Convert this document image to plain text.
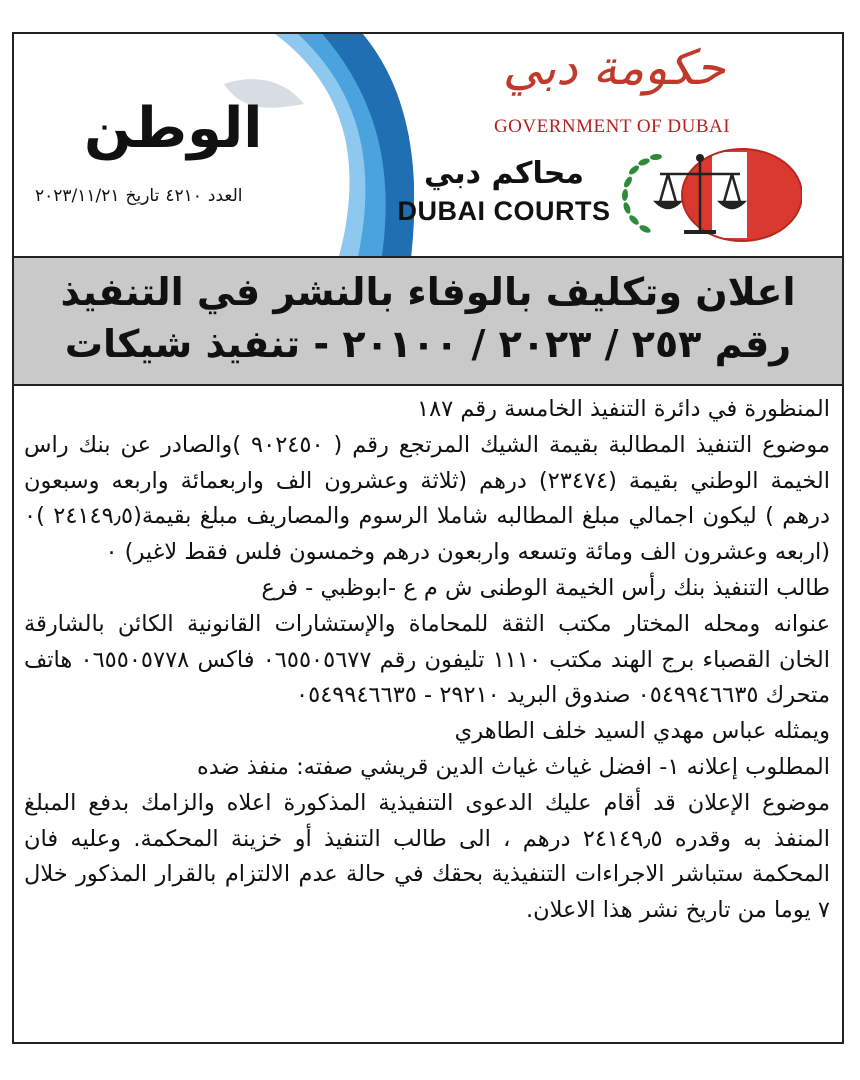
الوطن
العدد٤٢١٠تاريخ٢٠٢٣/١١/٢١
حكومة دبي
GOVERNMENT OF DUBAI
محاكم دبي
DUBAI COURTS
اعلان وتكليف بالوفاء بالنشر في التنفيذ
رقم ٢٥٣ / ٢٠٢٣ / ٢٠١٠٠ - تنفيذ شيكات

المنظورة في دائرة التنفيذ الخامسة رقم ١٨٧

موضوع التنفيذ المطالبة بقيمة الشيك المرتجع رقم ( ٩٠٢٤٥٠ )والصادر عن بنك راس الخيمة الوطني بقيمة (٢٣٤٧٤) درهم (ثلاثة وعشرون الف واربعمائة واربعه وسبعون درهم ) ليكون اجمالي مبلغ المطالبه شاملا الرسوم والمصاريف مبلغ بقيمة(٢٤١٤٩٫٥ )٠ (اربعه وعشرون الف ومائة وتسعه واربعون درهم وخمسون فلس فقط لاغير) ٠

طالب التنفيذ بنك رأس الخيمة الوطنى ش م ع -ابوظبي - فرع

عنوانه ومحله المختار مكتب الثقة للمحاماة والإستشارات القانونية الكائن بالشارقة الخان القصباء برج الهند مكتب ١١١٠ تليفون رقم ٠٦٥٥٠٥٦٧٧ فاكس ٠٦٥٥٠٥٧٧٨ هاتف متحرك ٠٥٤٩٩٤٦٦٣٥ صندوق البريد ٢٩٢١٠ - ٠٥٤٩٩٤٦٦٣٥

ويمثله عباس مهدي السيد خلف الطاهري

المطلوب إعلانه ١- افضل غياث غياث الدين قريشي صفته: منفذ ضده

موضوع الإعلان قد أقام عليك الدعوى التنفيذية المذكورة اعلاه والزامك بدفع المبلغ المنفذ به وقدره ٢٤١٤٩٫٥ درهم ، الى طالب التنفيذ أو خزينة المحكمة. وعليه فان المحكمة ستباشر الاجراءات التنفيذية بحقك في حالة عدم الالتزام بالقرار المذكور خلال ٧ يوما من تاريخ نشر هذا الاعلان.
